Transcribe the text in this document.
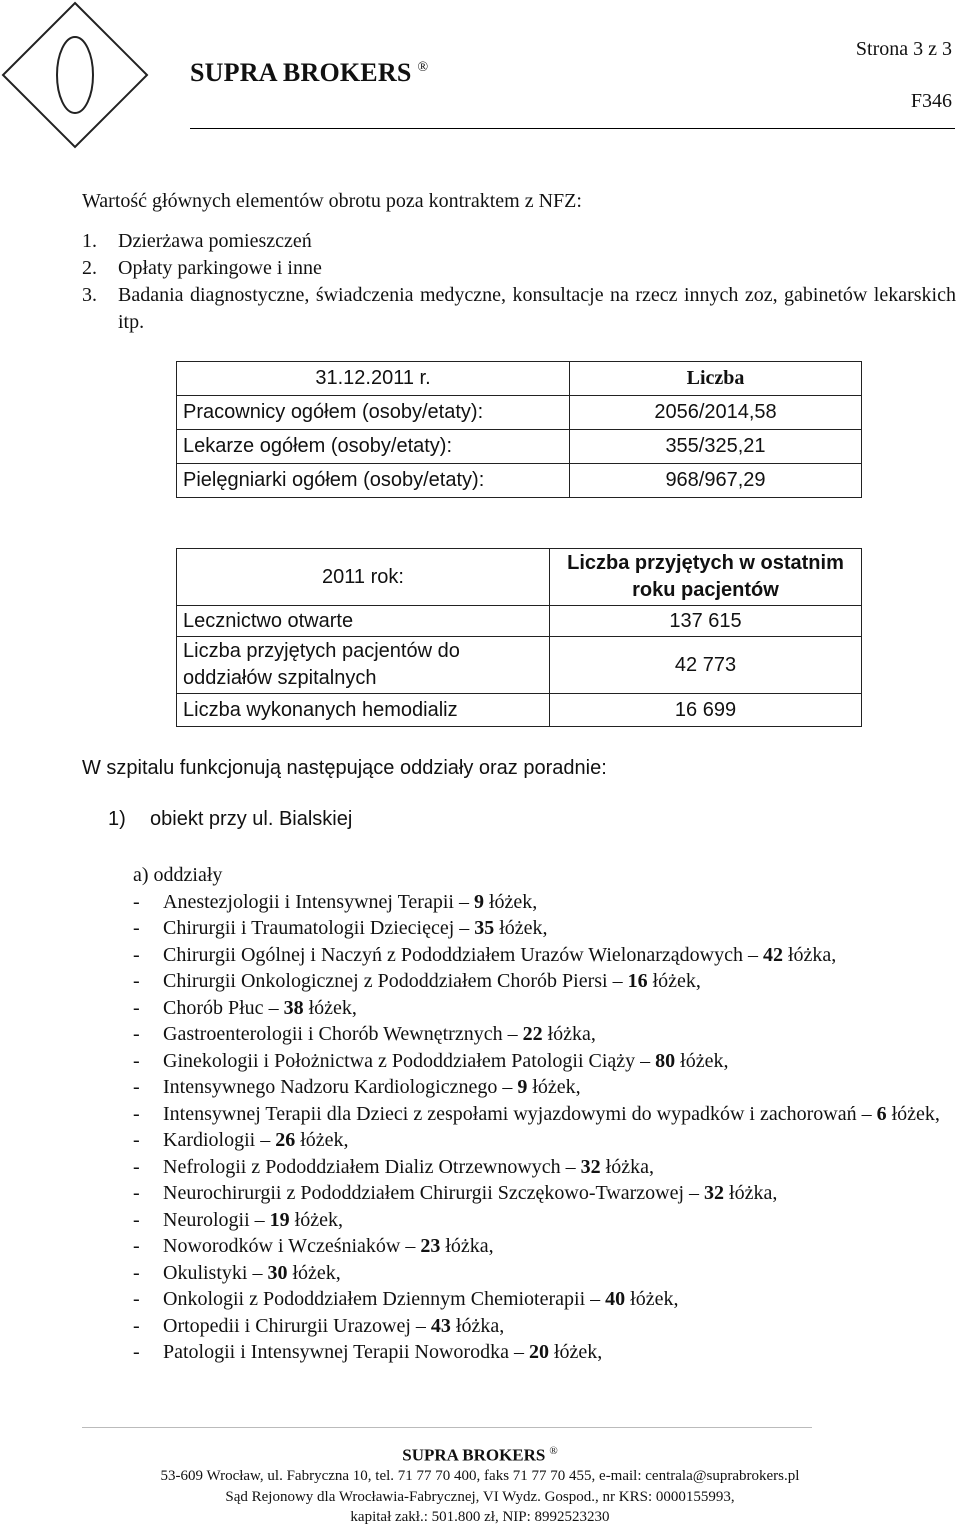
SUPRA BROKERS ®
Strona 3 z 3
F346
Wartość głównych elementów obrotu poza kontraktem z NFZ:
1. Dzierżawa pomieszczeń
2. Opłaty parkingowe i inne
3. Badania diagnostyczne, świadczenia medyczne, konsultacje na rzecz innych zoz, gabinetów lekarskich itp.
31.12.2011 r.	Liczba
Pracownicy ogółem (osoby/etaty):	2056/2014,58
Lekarze ogółem (osoby/etaty):	355/325,21
Pielęgniarki ogółem (osoby/etaty):	968/967,29
2011 rok:	Liczba przyjętych w ostatnim roku pacjentów
Lecznictwo otwarte	137 615
Liczba przyjętych pacjentów do oddziałów szpitalnych	42 773
Liczba wykonanych hemodializ	16 699
W szpitalu funkcjonują następujące oddziały oraz poradnie:
1) obiekt przy ul. Bialskiej
a) oddziały
- Anestezjologii i Intensywnej Terapii – 9 łóżek,
- Chirurgii i Traumatologii Dziecięcej – 35 łóżek,
- Chirurgii Ogólnej i Naczyń z Pododdziałem Urazów Wielonarządowych – 42 łóżka,
- Chirurgii Onkologicznej z Pododdziałem Chorób Piersi – 16 łóżek,
- Chorób Płuc – 38 łóżek,
- Gastroenterologii i Chorób Wewnętrznych – 22 łóżka,
- Ginekologii i Położnictwa z Pododdziałem Patologii Ciąży – 80 łóżek,
- Intensywnego Nadzoru Kardiologicznego – 9 łóżek,
- Intensywnej Terapii dla Dzieci z zespołami wyjazdowymi do wypadków i zachorowań – 6 łóżek,
- Kardiologii – 26 łóżek,
- Nefrologii z Pododdziałem Dializ Otrzewnowych – 32 łóżka,
- Neurochirurgii z Pododdziałem Chirurgii Szczękowo-Twarzowej – 32 łóżka,
- Neurologii – 19 łóżek,
- Noworodków i Wcześniaków – 23 łóżka,
- Okulistyki – 30 łóżek,
- Onkologii z Pododdziałem Dziennym Chemioterapii – 40 łóżek,
- Ortopedii i Chirurgii Urazowej – 43 łóżka,
- Patologii i Intensywnej Terapii Noworodka – 20 łóżek,
SUPRA BROKERS ®
53-609 Wrocław, ul. Fabryczna 10, tel. 71 77 70 400, faks 71 77 70 455, e-mail: centrala@suprabrokers.pl
Sąd Rejonowy dla Wrocławia-Fabrycznej, VI Wydz. Gospod., nr KRS: 0000155993,
kapitał zakł.: 501.800 zł, NIP: 8992523230
